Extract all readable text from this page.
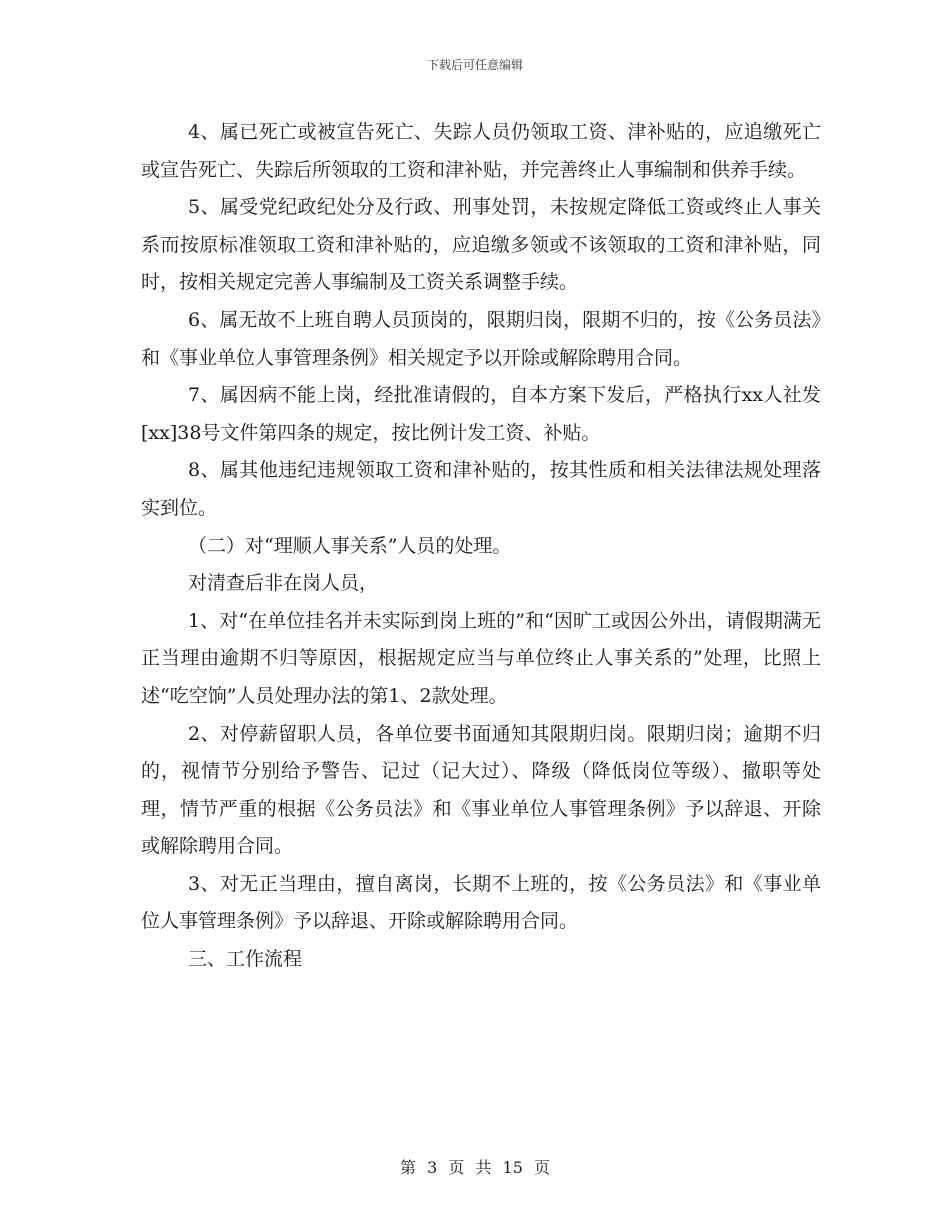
下载后可任意编辑

4、属已死亡或被宣告死亡、失踪人员仍领取工资、津补贴的，应追缴死亡或宣告死亡、失踪后所领取的工资和津补贴，并完善终止人事编制和供养手续。

5、属受党纪政纪处分及行政、刑事处罚，未按规定降低工资或终止人事关系而按原标准领取工资和津补贴的，应追缴多领或不该领取的工资和津补贴，同时，按相关规定完善人事编制及工资关系调整手续。

6、属无故不上班自聘人员顶岗的，限期归岗，限期不归的，按《公务员法》和《事业单位人事管理条例》相关规定予以开除或解除聘用合同。

7、属因病不能上岗，经批准请假的，自本方案下发后，严格执行xx人社发[xx]38号文件第四条的规定，按比例计发工资、补贴。

8、属其他违纪违规领取工资和津补贴的，按其性质和相关法律法规处理落实到位。

（二）对“理顺人事关系”人员的处理。

对清查后非在岗人员，

1、对“在单位挂名并未实际到岗上班的”和“因旷工或因公外出，请假期满无正当理由逾期不归等原因，根据规定应当与单位终止人事关系的”处理，比照上述“吃空饷”人员处理办法的第1、2款处理。

2、对停薪留职人员，各单位要书面通知其限期归岗。限期归岗；逾期不归的，视情节分别给予警告、记过（记大过）、降级（降低岗位等级）、撤职等处理，情节严重的根据《公务员法》和《事业单位人事管理条例》予以辞退、开除或解除聘用合同。

3、对无正当理由，擅自离岗，长期不上班的，按《公务员法》和《事业单位人事管理条例》予以辞退、开除或解除聘用合同。

三、工作流程

第 3 页 共 15 页
